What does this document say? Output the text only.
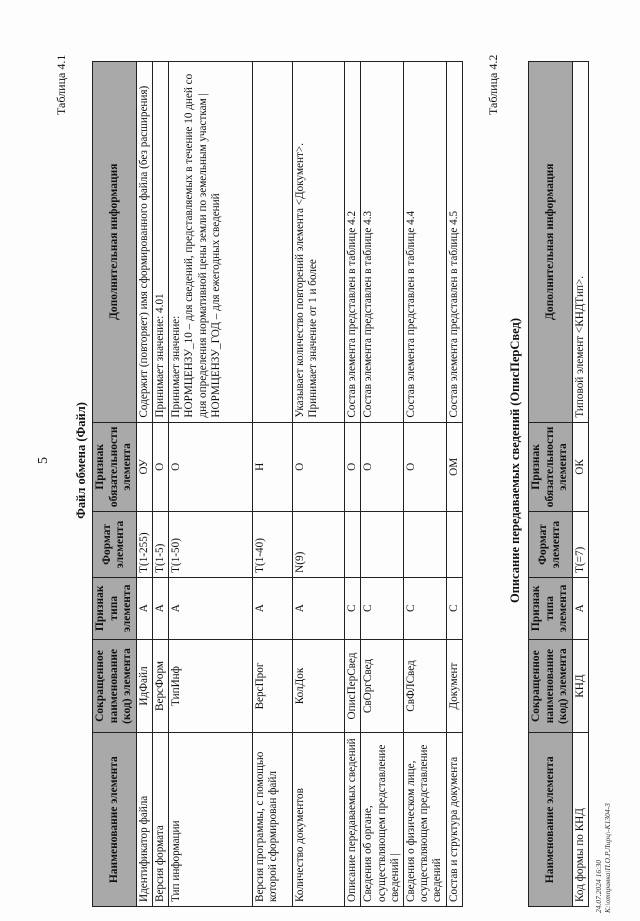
5
Таблица 4.1
Файл обмена (Файл)
Наименование элемента	Сокращенное наименование (код) элемента	Признак типа элемента	Формат элемента	Признак обязательности элемента	Дополнительная информация
Идентификатор файла	ИдФайл	А	Т(1-255)	ОУ	Содержит (повторяет) имя сформированного файла (без расширения)
Версия формата	ВерсФорм	А	Т(1-5)	О	Принимает значение: 4.01
Тип информации	ТипИнф	А	Т(1-50)	О	Принимает значение:
НОРМЦЕНЗУ_10 – для сведений, представляемых в течение 10 дней со дня определения нормативной цены земли по земельным участкам |
НОРМЦЕНЗУ_ГОД – для ежегодных сведений
Версия программы, с помощью которой сформирован файл	ВерсПрог	А	Т(1-40)	Н	
Количество документов	КолДок	А	N(9)	О	Указывает количество повторений элемента <Документ>.
Принимает значение от 1 и более
Описание передаваемых сведений	ОписПерСвед	С		О	Состав элемента представлен в таблице 4.2
Сведения об органе, осуществляющем представление сведений |	СвОргСвед	С		О	Состав элемента представлен в таблице 4.3
Сведения о физическом лице, осуществляющем представление сведений	СвФЛСвед	С		О	Состав элемента представлен в таблице 4.4
Состав и структура документа	Документ	С		ОМ	Состав элемента представлен в таблице 4.5
Таблица 4.2
Описание передаваемых сведений (ОписПерСвед)
Наименование элемента	Сокращенное наименование (код) элемента	Признак типа элемента	Формат элемента	Признак обязательности элемента	Дополнительная информация
Код формы по КНД	КНД	А	Т(=7)	ОК	Типовой элемент <КНДТип>.
24.07.2024 16:30 К:\отправка\П.О.Р.Лирц\-К1304-3
